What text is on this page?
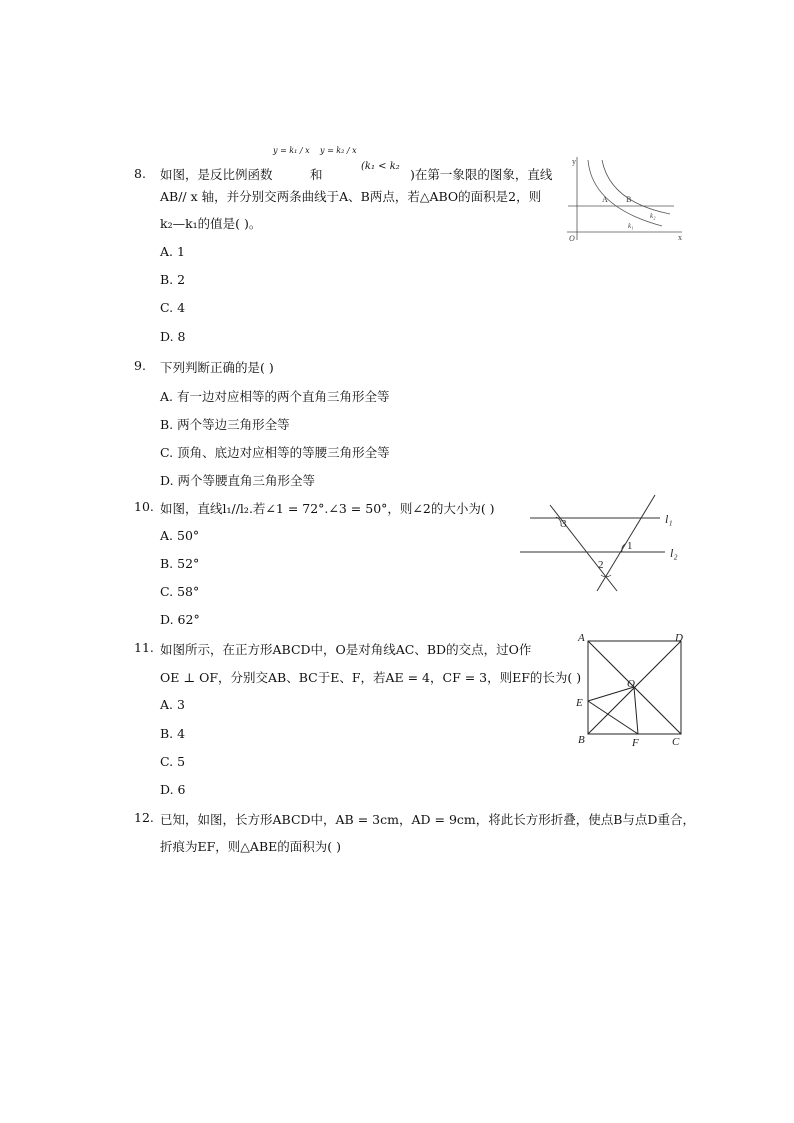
8.
y = k₁ / x y = k₂ / x
如图，是反比例函数	和
(k₁ < k₂
)在第一象限的图象，直线
AB// x 轴，并分别交两条曲线于A、B两点，若△ABO的面积是2，则
k₂—k₁的值是( )。
A. 1
B. 2
C. 4
D. 8
y
x
O
A B
k₂
k₁
9. 下列判断正确的是( )
A. 有一边对应相等的两个直角三角形全等
B. 两个等边三角形全等
C. 顶角、底边对应相等的等腰三角形全等
D. 两个等腰直角三角形全等
10. 如图，直线l₁//l₂.若∠1 = 72°.∠3 = 50°，则∠2的大小为( )
A. 50°
B. 52°
C. 58°
D. 62°
3
1
2
l₁
l₂
11. 如图所示，在正方形ABCD中，O是对角线AC、BD的交点，过O作
OE ⊥ OF，分别交AB、BC于E、F，若AE = 4，CF = 3，则EF的长为( )
A. 3
B. 4
C. 5
D. 6
A	D
E
O
B	F	C
12. 已知，如图，长方形ABCD中，AB = 3cm，AD = 9cm，将此长方形折叠，使点B与点D重合，
折痕为EF，则△ABE的面积为( )
